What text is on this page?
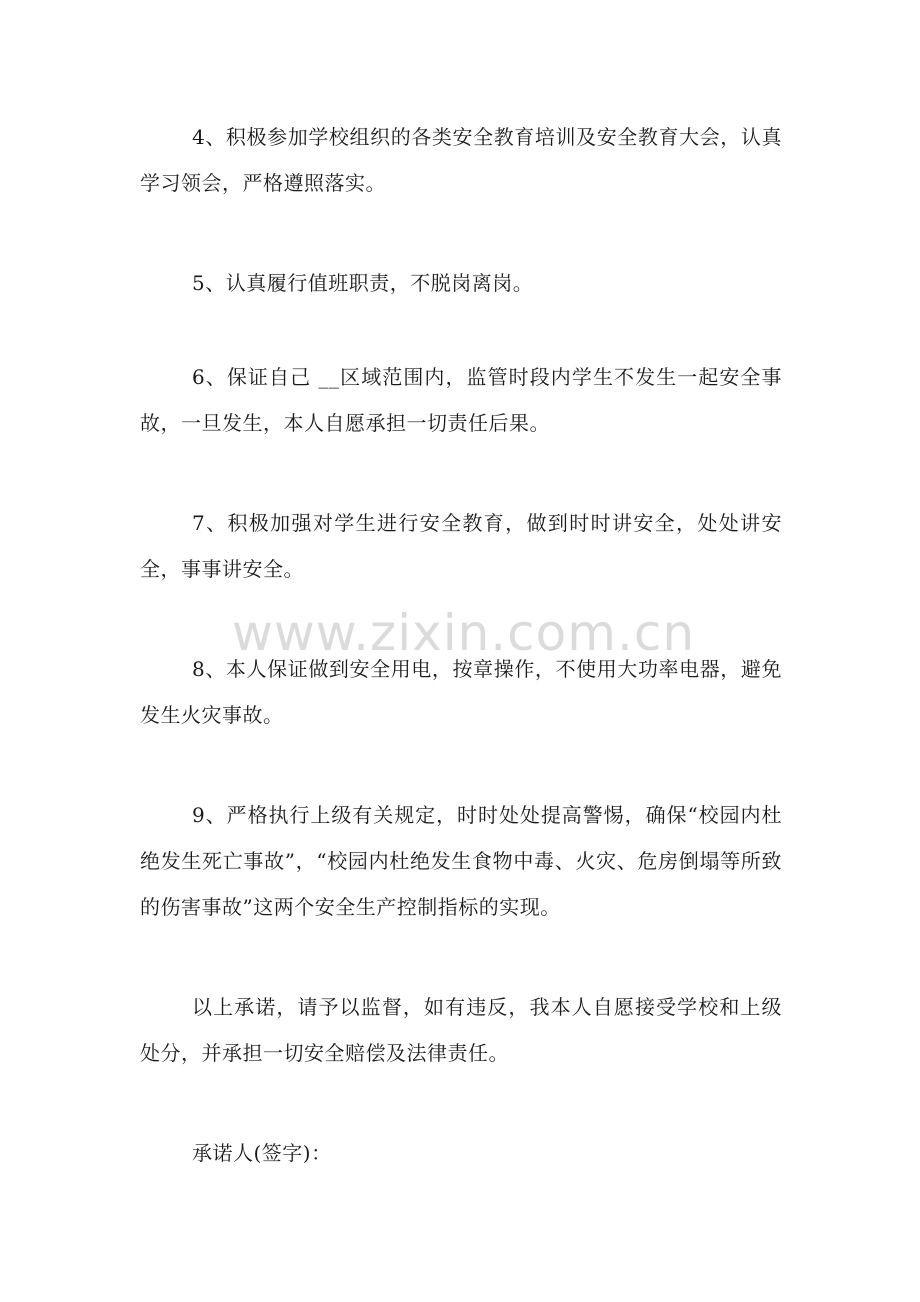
4、积极参加学校组织的各类安全教育培训及安全教育大会，认真学习领会，严格遵照落实。

5、认真履行值班职责，不脱岗离岗。

6、保证自己 __区域范围内，监管时段内学生不发生一起安全事故，一旦发生，本人自愿承担一切责任后果。

7、积极加强对学生进行安全教育，做到时时讲安全，处处讲安全，事事讲安全。

8、本人保证做到安全用电，按章操作，不使用大功率电器，避免发生火灾事故。

9、严格执行上级有关规定，时时处处提高警惕，确保“校园内杜绝发生死亡事故”，“校园内杜绝发生食物中毒、火灾、危房倒塌等所致的伤害事故”这两个安全生产控制指标的实现。

以上承诺，请予以监督，如有违反，我本人自愿接受学校和上级处分，并承担一切安全赔偿及法律责任。

承诺人(签字)：

www.zixin.com.cn
